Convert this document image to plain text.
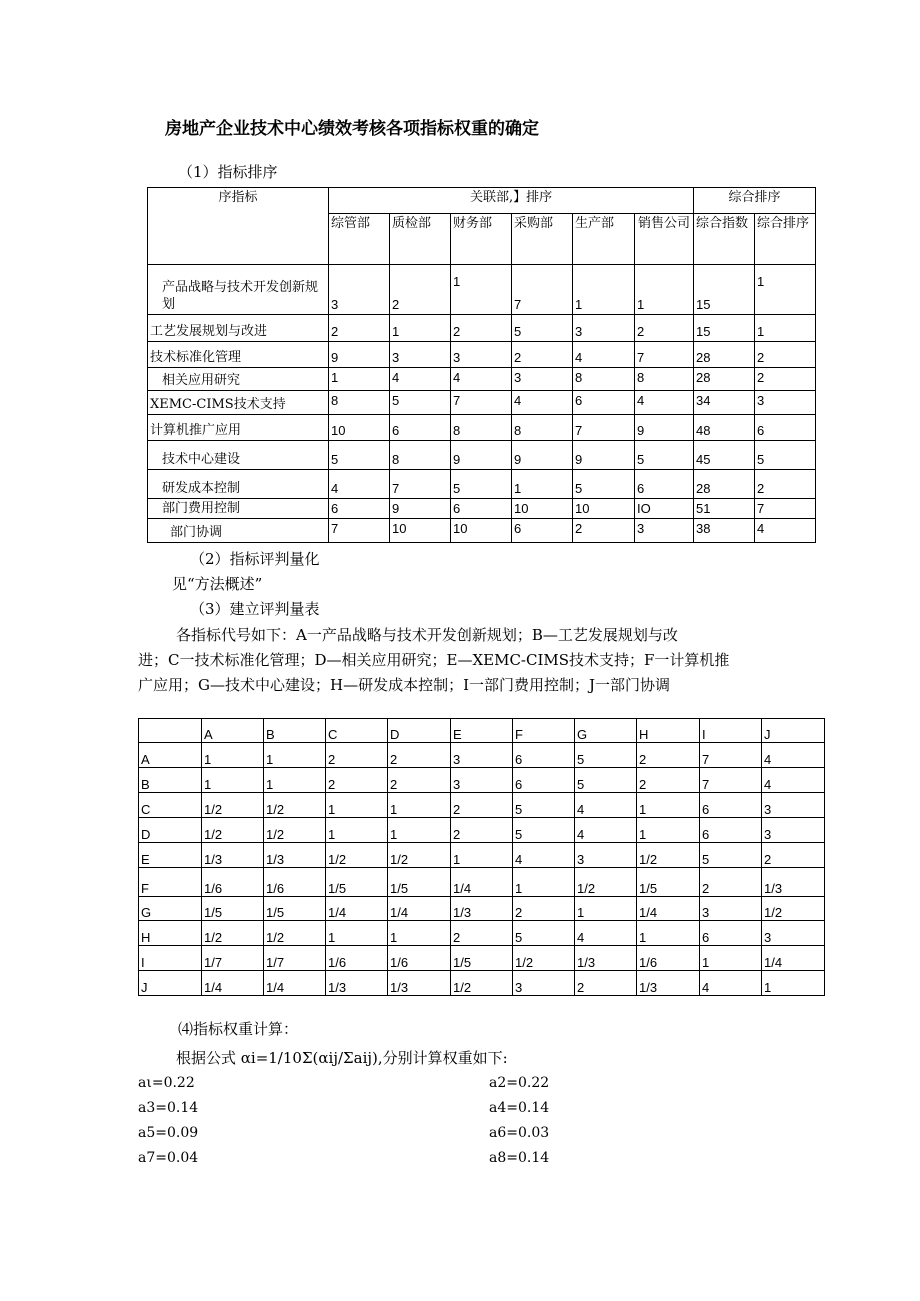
房地产企业技术中心绩效考核各项指标权重的确定
（1）指标排序
序指标	关联部,】排序						综合排序	
	综管部	质检部	财务部	采购部	生产部	销售公司	综合指数	综合排序
产品战略与技术开发创新规划	3	2	1	7	1	1	15	1
工艺发展规划与改进	2	1	2	5	3	2	15	1
技术标准化管理	9	3	3	2	4	7	28	2
相关应用研究	1	4	4	3	8	8	28	2
XEMC-CIMS技术支持	8	5	7	4	6	4	34	3
计算机推广应用	10	6	8	8	7	9	48	6
技术中心建设	5	8	9	9	9	5	45	5
研发成本控制	4	7	5	1	5	6	28	2
部门费用控制	6	9	6	10	10	IO	51	7
部门协调	7	10	10	6	2	3	38	4
（2）指标评判量化
见“方法概述”
（3）建立评判量表
各指标代号如下：A一产品战略与技术开发创新规划；B—工艺发展规划与改
进；C一技术标准化管理；D—相关应用研究；E—XEMC-CIMS技术支持；F一计算机推
广应用；G—技术中心建设；H—研发成本控制；I一部门费用控制；J一部门协调
	A	B	C	D	E	F	G	H	I	J
A	1	1	2	2	3	6	5	2	7	4
B	1	1	2	2	3	6	5	2	7	4
C	1/2	1/2	1	1	2	5	4	1	6	3
D	1/2	1/2	1	1	2	5	4	1	6	3
E	1/3	1/3	1/2	1/2	1	4	3	1/2	5	2
F	1/6	1/6	1/5	1/5	1/4	1	1/2	1/5	2	1/3
G	1/5	1/5	1/4	1/4	1/3	2	1	1/4	3	1/2
H	1/2	1/2	1	1	2	5	4	1	6	3
I	1/7	1/7	1/6	1/6	1/5	1/2	1/3	1/6	1	1/4
J	1/4	1/4	1/3	1/3	1/2	3	2	1/3	4	1
⑷指标权重计算：
根据公式 αi=1/10Σ(αij/Σaij),分别计算权重如下:
aι=0.22	a2=0.22
a3=0.14	a4=0.14
a5=0.09	a6=0.03
a7=0.04	a8=0.14
